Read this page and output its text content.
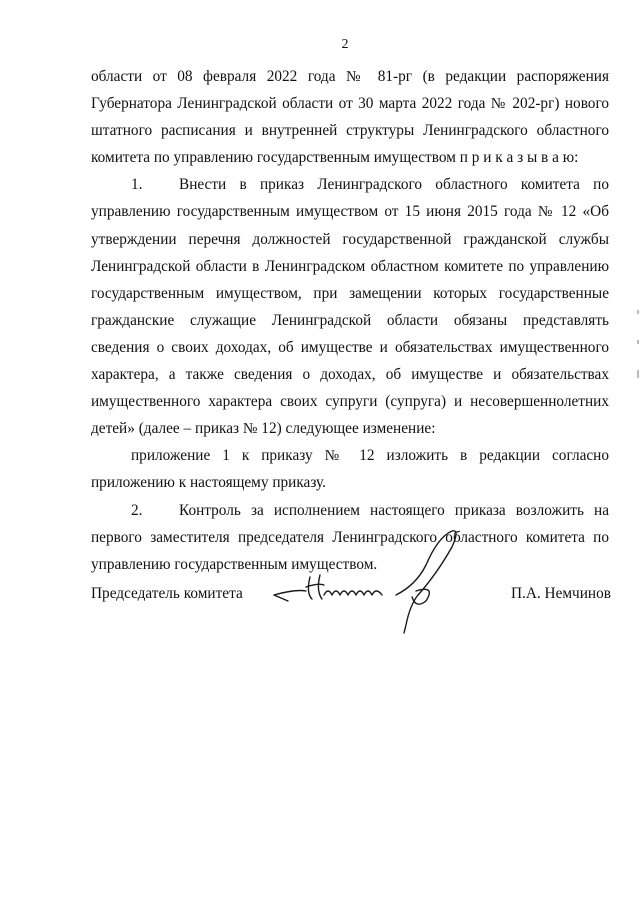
2

области от 08 февраля 2022 года № 81-рг (в редакции распоряжения Губернатора Ленинградской области от 30 марта 2022 года № 202-рг) нового штатного расписания и внутренней структуры Ленинградского областного комитета по управлению государственным имуществом п р и к а з ы в а ю:

1. Внести в приказ Ленинградского областного комитета по управлению государственным имуществом от 15 июня 2015 года № 12 «Об утверждении перечня должностей государственной гражданской службы Ленинградской области в Ленинградском областном комитете по управлению государственным имуществом, при замещении которых государственные гражданские служащие Ленинградской области обязаны представлять сведения о своих доходах, об имуществе и обязательствах имущественного характера, а также сведения о доходах, об имуществе и обязательствах имущественного характера своих супруги (супруга) и несовершеннолетних детей» (далее – приказ № 12) следующее изменение:

приложение 1 к приказу № 12 изложить в редакции согласно приложению к настоящему приказу.

2. Контроль за исполнением настоящего приказа возложить на первого заместителя председателя Ленинградского областного комитета по управлению государственным имуществом.

Председатель комитета	П.А. Немчинов
